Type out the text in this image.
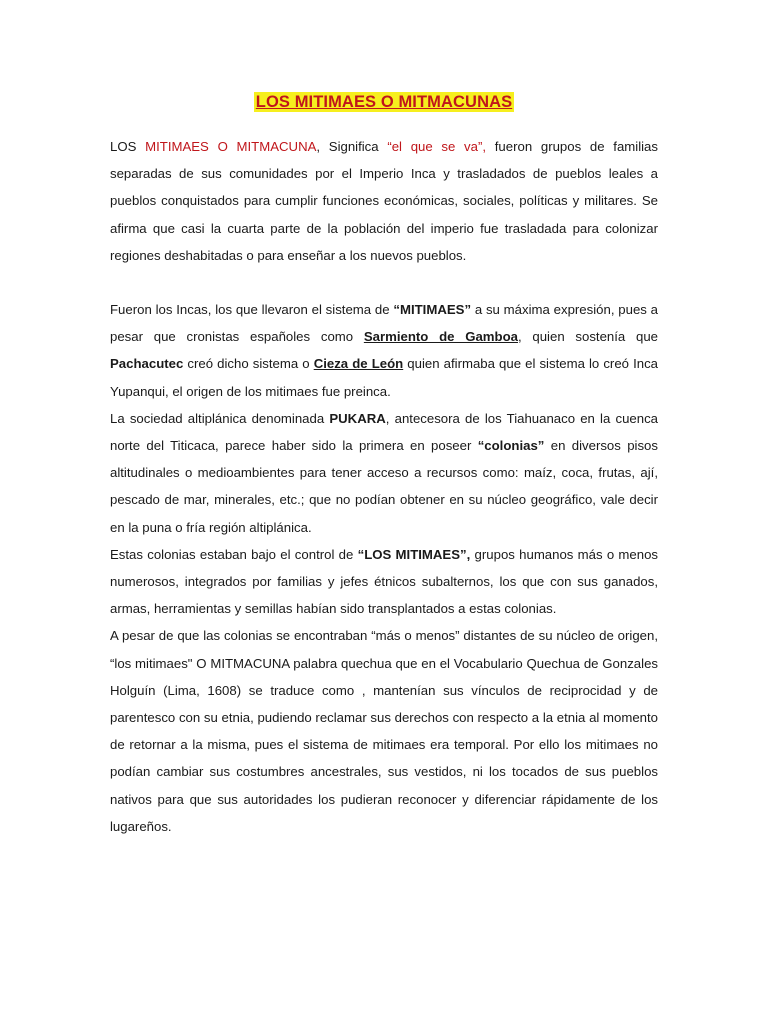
LOS MITIMAES O MITMACUNAS

LOS MITIMAES O MITMACUNA, Significa “el que se va”, fueron grupos de familias separadas de sus comunidades por el Imperio Inca y trasladados de pueblos leales a pueblos conquistados para cumplir funciones económicas, sociales, políticas y militares. Se afirma que casi la cuarta parte de la población del imperio fue trasladada para colonizar regiones deshabitadas o para enseñar a los nuevos pueblos.

Fueron los Incas, los que llevaron el sistema de “MITIMAES” a su máxima expresión, pues a pesar que cronistas españoles como Sarmiento de Gamboa, quien sostenía que Pachacutec creó dicho sistema o Cieza de León quien afirmaba que el sistema lo creó Inca Yupanqui, el origen de los mitimaes fue preinca.

La sociedad altiplánica denominada PUKARA, antecesora de los Tiahuanaco en la cuenca norte del Titicaca, parece haber sido la primera en poseer “colonias” en diversos pisos altitudinales o medioambientes para tener acceso a recursos como: maíz, coca, frutas, ají, pescado de mar, minerales, etc.; que no podían obtener en su núcleo geográfico, vale decir en la puna o fría región altiplánica.

Estas colonias estaban bajo el control de “LOS MITIMAES”, grupos humanos más o menos numerosos, integrados por familias y jefes étnicos subalternos, los que con sus ganados, armas, herramientas y semillas habían sido transplantados a estas colonias.

A pesar de que las colonias se encontraban “más o menos” distantes de su núcleo de origen, “los mitimaes" O MITMACUNA palabra quechua que en el Vocabulario Quechua de Gonzales Holguín (Lima, 1608) se traduce como , mantenían sus vínculos de reciprocidad y de parentesco con su etnia, pudiendo reclamar sus derechos con respecto a la etnia al momento de retornar a la misma, pues el sistema de mitimaes era temporal. Por ello los mitimaes no podían cambiar sus costumbres ancestrales, sus vestidos, ni los tocados de sus pueblos nativos para que sus autoridades los pudieran reconocer y diferenciar rápidamente de los lugareños.
